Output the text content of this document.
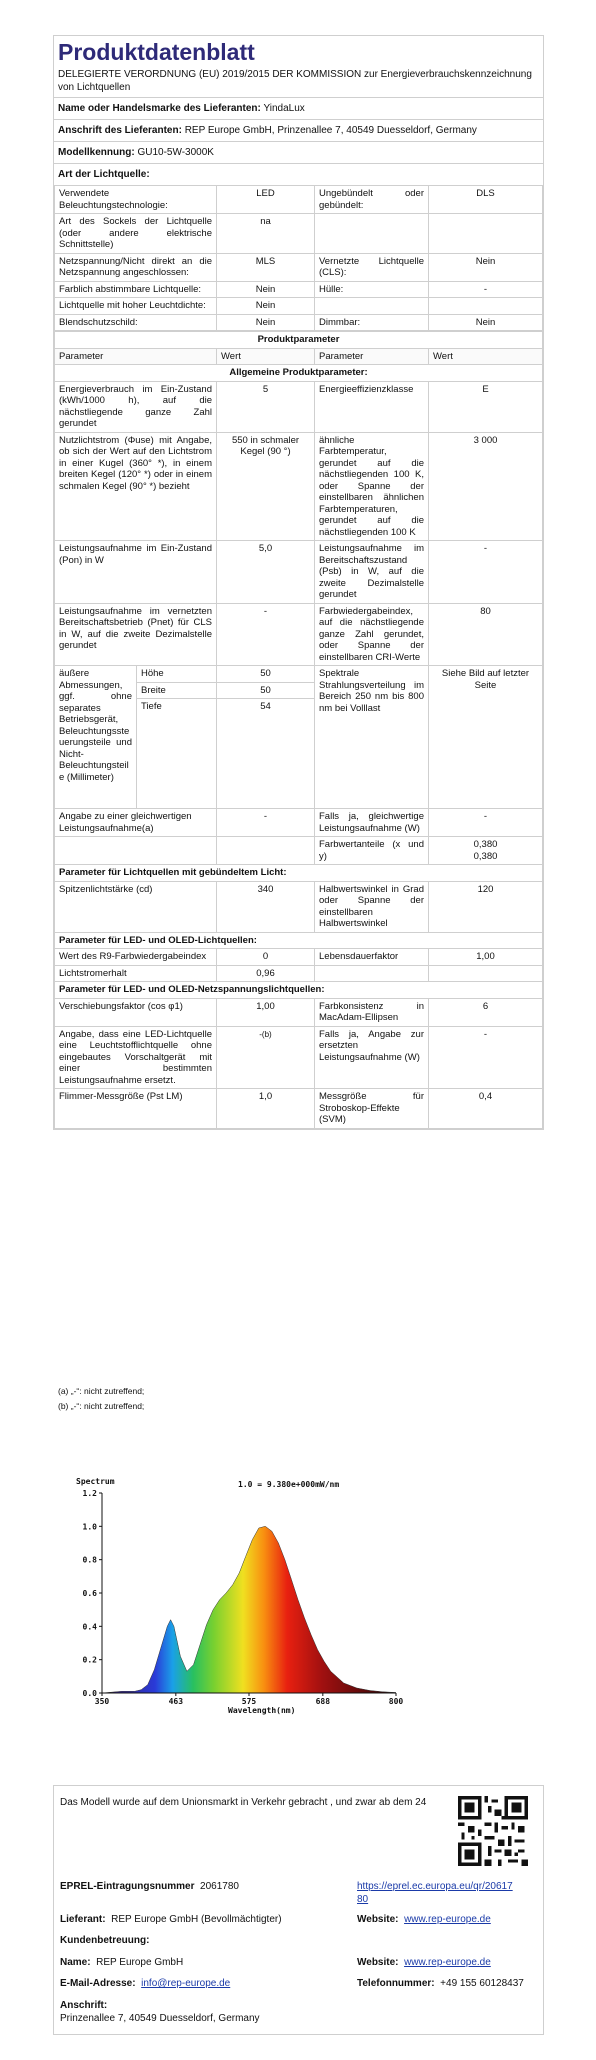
Produktdatenblatt
DELEGIERTE VERORDNUNG (EU) 2019/2015 DER KOMMISSION zur Energieverbrauchskennzeichnung von Lichtquellen
Name oder Handelsmarke des Lieferanten: YindaLux
Anschrift des Lieferanten: REP Europe GmbH, Prinzenallee 7, 40549 Duesseldorf, Germany
Modellkennung: GU10-5W-3000K
Art der Lichtquelle:
Verwendete Beleuchtungstechnologie:	LED	Ungebündelt oder gebündelt:	DLS
Art des Sockels der Lichtquelle (oder andere elektrische Schnittstelle)	na		
Netzspannung/Nicht direkt an die Netzspannung angeschlossen:	MLS	Vernetzte Lichtquelle (CLS):	Nein
Farblich abstimmbare Lichtquelle:	Nein	Hülle:	-
Lichtquelle mit hoher Leuchtdichte:	Nein		
Blendschutzschild:	Nein	Dimmbar:	Nein
Produktparameter				
Parameter		Wert	Parameter	Wert
Allgemeine Produktparameter:				
Energieverbrauch im Ein-Zustand (kWh/1000 h), auf die nächstliegende ganze Zahl gerundet		5	Energieeffizienzklasse	E
Nutzlichtstrom (Φuse) mit Angabe, ob sich der Wert auf den Lichtstrom in einer Kugel (360° *), in einem breiten Kegel (120° *) oder in einem schmalen Kegel (90° *) bezieht		550 in schmaler Kegel (90 °)	ähnliche Farbtemperatur, gerundet auf die nächstliegenden 100 K, oder Spanne der einstellbaren ähnlichen Farbtemperaturen, gerundet auf die nächstliegenden 100 K	3 000
Leistungsaufnahme im Ein-Zustand (Pon) in W		5,0	Leistungsaufnahme im Bereitschaftszustand (Psb) in W, auf die zweite Dezimalstelle gerundet	-
Leistungsaufnahme im vernetzten Bereitschaftsbetrieb (Pnet) für CLS in W, auf die zweite Dezimalstelle gerundet		-	Farbwiedergabeindex, auf die nächstliegende ganze Zahl gerundet, oder Spanne der einstellbaren CRI-Werte	80
äußere Abmessungen, ggf. ohne separates Betriebsgerät, Beleuchtungssteuerungsteile und Nicht-Beleuchtungsteile (Millimeter)	Höhe	50	Spektrale Strahlungsverteilung im Bereich 250 nm bis 800 nm bei Volllast	Siehe Bild auf letzter Seite
	Breite	50		
	Tiefe	54		
Angabe zu einer gleichwertigen Leistungsaufnahme(a)		-	Falls ja, gleichwertige Leistungsaufnahme (W)	-
			Farbwertanteile (x und y)	0,380
0,380

Parameter für Lichtquellen mit gebündeltem Licht:				
Spitzenlichtstärke (cd)		340	Halbwertswinkel in Grad oder Spanne der einstellbaren Halbwertswinkel	120
Parameter für LED- und OLED-Lichtquellen:				
Wert des R9-Farbwiedergabeindex		0	Lebensdauerfaktor	1,00
Lichtstromerhalt		0,96		
Parameter für LED- und OLED-Netzspannungslichtquellen:				
Verschiebungsfaktor (cos φ1)		1,00	Farbkonsistenz in MacAdam-Ellipsen	6
Angabe, dass eine LED-Lichtquelle eine Leuchtstofflichtquelle ohne eingebautes Vorschaltgerät mit einer bestimmten Leistungsaufnahme ersetzt.		-(b)	Falls ja, Angabe zur ersetzten Leistungsaufnahme (W)	-
Flimmer-Messgröße (Pst LM)		1,0	Messgröße für Stroboskop-Effekte (SVM)	0,4
(a) „-“: nicht zutreffend;
(b) „-“: nicht zutreffend;
Spectrum	1.0 = 9.380e+000mW/nm
Wavelength(nm)
0.0
0.2
0.4
0.6
0.8
1.0
1.2
350	463	575	688	800
Das Modell wurde auf dem Unionsmarkt in Verkehr gebracht , und zwar ab dem 24
EPREL-Eintragungsnummer 2061780	https://eprel.ec.europa.eu/qr/2061780
Lieferant: REP Europe GmbH (Bevollmächtigter)	Website: www.rep-europe.de
Kundenbetreuung:
Name: REP Europe GmbH	Website: www.rep-europe.de
E-Mail-Adresse: info@rep-europe.de	Telefonnummer: +49 155 60128437
Anschrift:
Prinzenallee 7, 40549 Duesseldorf, Germany
